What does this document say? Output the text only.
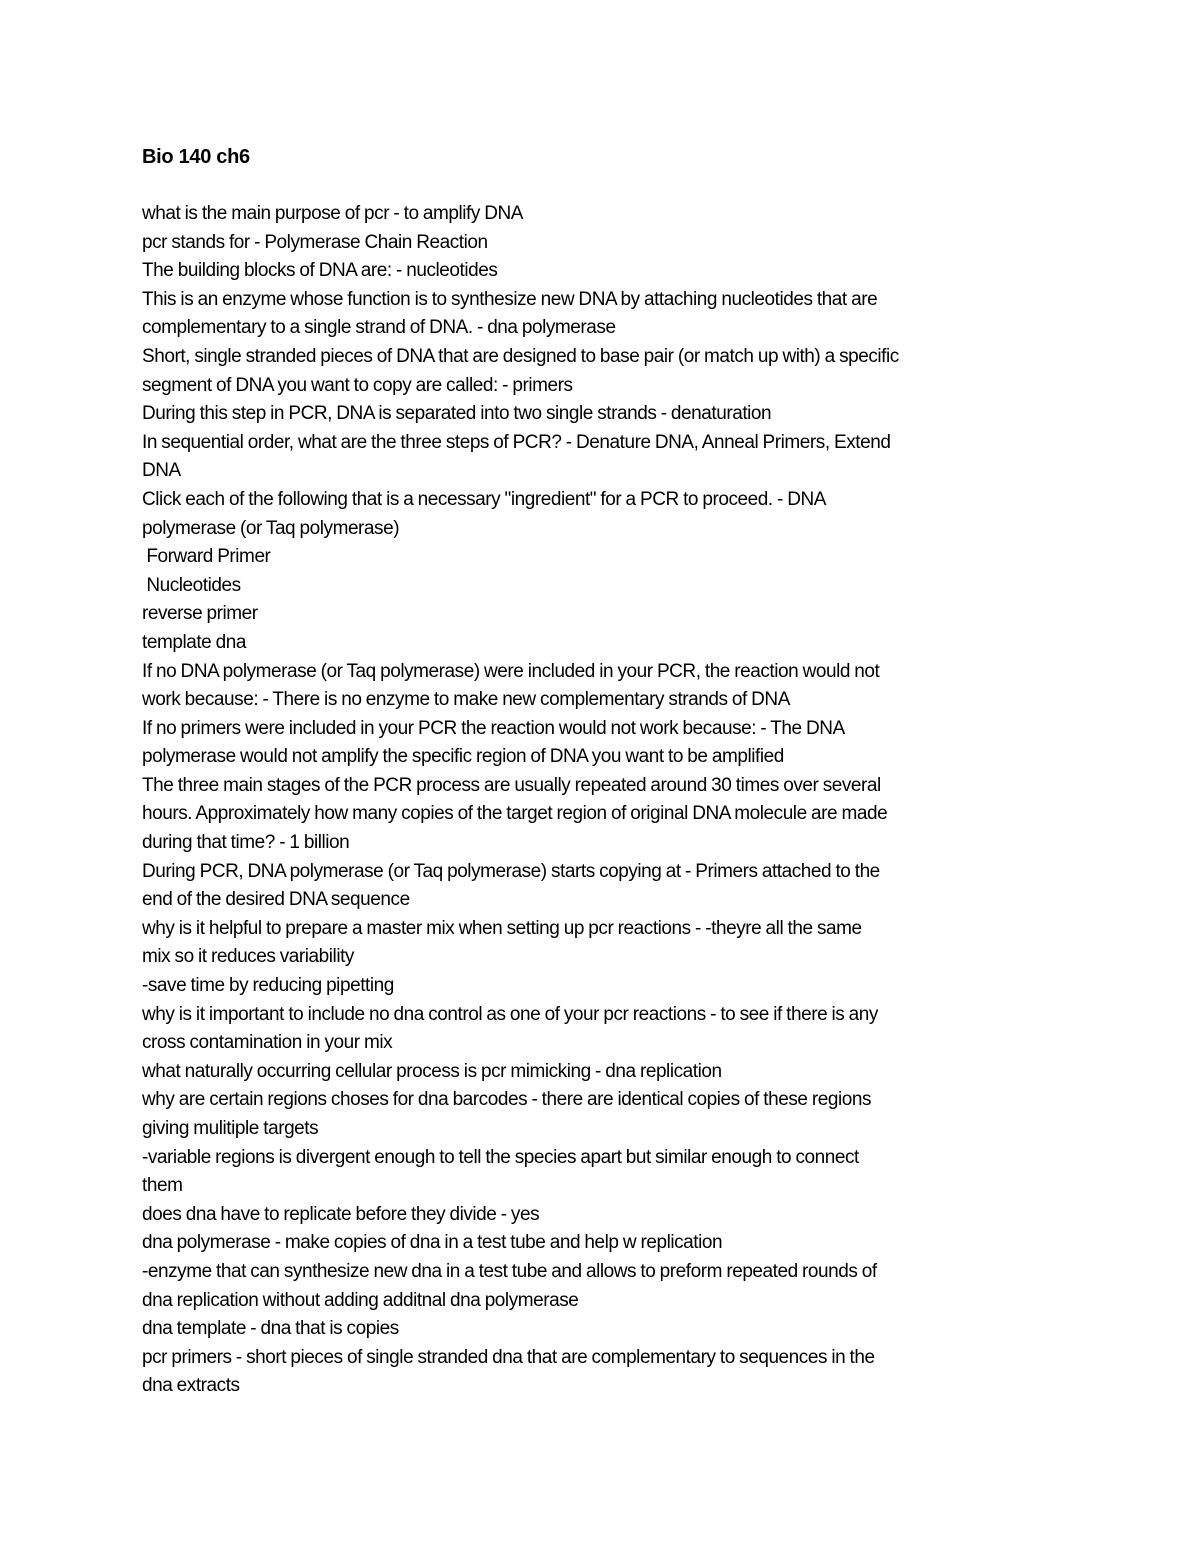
Bio 140 ch6
what is the main purpose of pcr - to amplify DNA
pcr stands for - Polymerase Chain Reaction
The building blocks of DNA are: - nucleotides
This is an enzyme whose function is to synthesize new DNA by attaching nucleotides that are
complementary to a single strand of DNA. - dna polymerase
Short, single stranded pieces of DNA that are designed to base pair (or match up with) a specific
segment of DNA you want to copy are called: - primers
During this step in PCR, DNA is separated into two single strands - denaturation
In sequential order, what are the three steps of PCR? - Denature DNA, Anneal Primers, Extend
DNA
Click each of the following that is a necessary "ingredient" for a PCR to proceed. - DNA
polymerase (or Taq polymerase)
Forward Primer
Nucleotides
reverse primer
template dna
If no DNA polymerase (or Taq polymerase) were included in your PCR, the reaction would not
work because: - There is no enzyme to make new complementary strands of DNA
If no primers were included in your PCR the reaction would not work because: - The DNA
polymerase would not amplify the specific region of DNA you want to be amplified
The three main stages of the PCR process are usually repeated around 30 times over several
hours. Approximately how many copies of the target region of original DNA molecule are made
during that time? - 1 billion
During PCR, DNA polymerase (or Taq polymerase) starts copying at - Primers attached to the
end of the desired DNA sequence
why is it helpful to prepare a master mix when setting up pcr reactions - -theyre all the same
mix so it reduces variability
-save time by reducing pipetting
why is it important to include no dna control as one of your pcr reactions - to see if there is any
cross contamination in your mix
what naturally occurring cellular process is pcr mimicking - dna replication
why are certain regions choses for dna barcodes - there are identical copies of these regions
giving mulitiple targets
-variable regions is divergent enough to tell the species apart but similar enough to connect
them
does dna have to replicate before they divide - yes
dna polymerase - make copies of dna in a test tube and help w replication
-enzyme that can synthesize new dna in a test tube and allows to preform repeated rounds of
dna replication without adding additnal dna polymerase
dna template - dna that is copies
pcr primers - short pieces of single stranded dna that are complementary to sequences in the
dna extracts
